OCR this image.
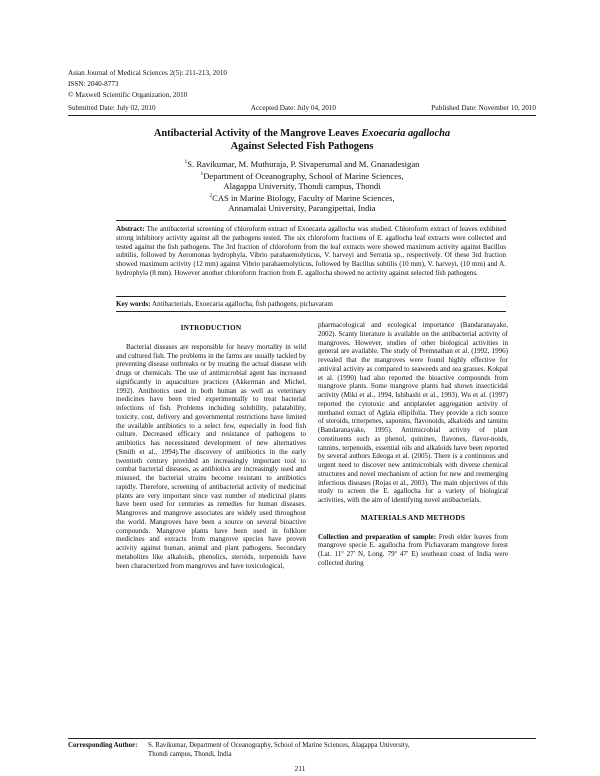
Asian Journal of Medical Sciences 2(5): 211-213, 2010
ISSN: 2040-8773
© Maxwell Scientific Organization, 2010
Submitted Date: July 02, 2010	Accepted Date: July 04, 2010	Published Date: November 10, 2010
Antibacterial Activity of the Mangrove Leaves Exoecaria agallocha
Against Selected Fish Pathogens
$^1$S. Ravikumar, M. Muthuraja, P. Sivaperumal and M. Gnanadesigan
$^1$Department of Oceanography, School of Marine Sciences,
Alagappa University, Thondi campus, Thondi
$^2$CAS in Marine Biology, Faculty of Marine Sciences,
Annamalai University, Parangipettai, India
Abstract: The antibacterial screening of chloroform extract of Exoecaria agallocha was studied. Chloroform extract of leaves exhibited strong inhibitory activity against all the pathogens tested. The six chloroform fractions of E. agallocha leaf extracts were collected and tested against the fish pathogens. The 3rd fraction of chloroform from the leaf extracts were showed maximum activity against Bacillus subtilis, followed by Aeromonas hydrophyla, Vibrio parahaemolyticus, V. harveyi and Serratia sp., respectively. Of these 3rd fraction showed maximum activity (12 mm) against Vibrio parahaemolyticus, followed by Bacillus subtilis (10 mm), V. harveyi, (10 mm) and A. hydrophyla (8 mm). However another chloroform fraction from E. agallocha showed no activity against selected fish pathogens.
Key words: Antibacterials, Exoecaria agallocha, fish pathogens, pichavaram
INTRODUCTION

Bacterial diseases are responsible for heavy mortality in wild and cultured fish. The problems in the farms are usually tackled by preventing disease outbreaks or by treating the actual disease with drugs or chemicals. The use of antimicrobial agent has increased significantly in aquaculture practices (Akkerman and Michel, 1992). Antibiotics used in both human as well as veterinary medicines have been tried experimentally to treat bacterial infections of fish. Problems including solubility, palatability, toxicity, cost, delivery and governmental restrictions have limited the available antibiotics to a select few, especially in food fish culture. Decreased efficacy and resistance of pathogens to antibiotics has necessitated development of new alternatives (Smith et al., 1994).The discovery of antibiotics in the early twentieth century provided an increasingly important tool to combat bacterial diseases, as antibiotics are increasingly used and misused, the bacterial strains become resistant to antibiotics rapidly. Therefore, screening of antibacterial activity of medicinal plants are very important since vast number of medicinal plants have been used for centuries as remedies for human diseases. Mangroves and mangrove associates are widely used throughout the world. Mangroves have been a source on several bioactive compounds. Mangrove plants have been used in folklore medicines and extracts from mangrove species have proven activity against human, animal and plant pathogens. Secondary metabolites like alkaloids, phenolics, steroids, terpenoids have been characterized from mangroves and have toxicological,

pharmacological and ecological importance (Bandaranayake, 2002). Scanty literature is available on the antibacterial activity of mangroves. However, studies of other biological activities in general are available. The study of Premnathan et al. (1992, 1996) revealed that the mangroves were found highly effective for antiviral activity as compared to seaweeds and sea grasses. Kokpal et al. (1990) had also reported the bioactive compounds from mangrove plants. Some mangrove plants had shown insecticidal activity (Miki et al., 1994, Ishibashi et al., 1993). Wu et al. (1997) reported the cytotoxic and antiplatelet aggregation activity of methanol extract of Aglaia ellipifolia. They provide a rich source of steroids, triterpenes, saponins, flavonoids, alkaloids and tannins (Bandaranayake, 1995). Antimicrobial activity of plant constituents such as phenol, quinines, flavones, flavor-noids, tannins, terpenoids, essential oils and alkaloids have been reported by several authors Edeoga et al. (2005). There is a continuous and urgent need to discover new antimicrobials with diverse chemical structures and novel mechanism of action for new and reemerging infectious diseases (Rojas et al., 2003). The main objectives of this study to screen the E. agallocha for a variety of biological activities, with the aim of identifying novel antibacterials.

MATERIALS AND METHODS

Collection and preparation of sample: Fresh elder leaves from mangrove specie E. agallocha from Pichavaram mangrove forest (Lat. 11º 27' N, Long. 79º 47' E) southeast coast of India were collected during

Corresponding Author:	S. Ravikumar, Department of Oceanography, School of Marine Sciences, Alagappa University,
Thondi campus, Thondi, India
211
